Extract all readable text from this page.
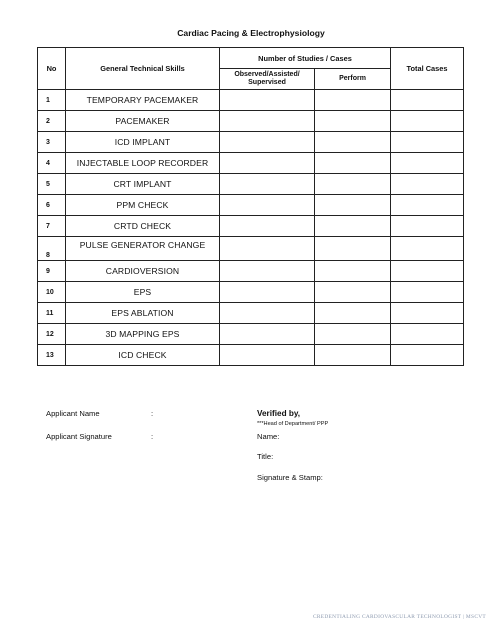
Cardiac Pacing & Electrophysiology
No	General Technical Skills	Number of Studies / Cases		Total Cases
		Observed/Assisted/ Supervised	Perform	
1	TEMPORARY PACEMAKER			
2	PACEMAKER			
3	ICD IMPLANT			
4	INJECTABLE LOOP RECORDER			
5	CRT IMPLANT			
6	PPM CHECK			
7	CRTD CHECK			
8	PULSE GENERATOR CHANGE			
9	CARDIOVERSION			
10	EPS			
11	EPS ABLATION			
12	3D MAPPING EPS			
13	ICD CHECK			
Applicant Name	:
Applicant Signature	:
Verified by,
***Head of Department/ PPP
Name:
Title:
Signature & Stamp:
CREDENTIALING CARDIOVASCULAR TECHNOLOGIST | MSCVT
